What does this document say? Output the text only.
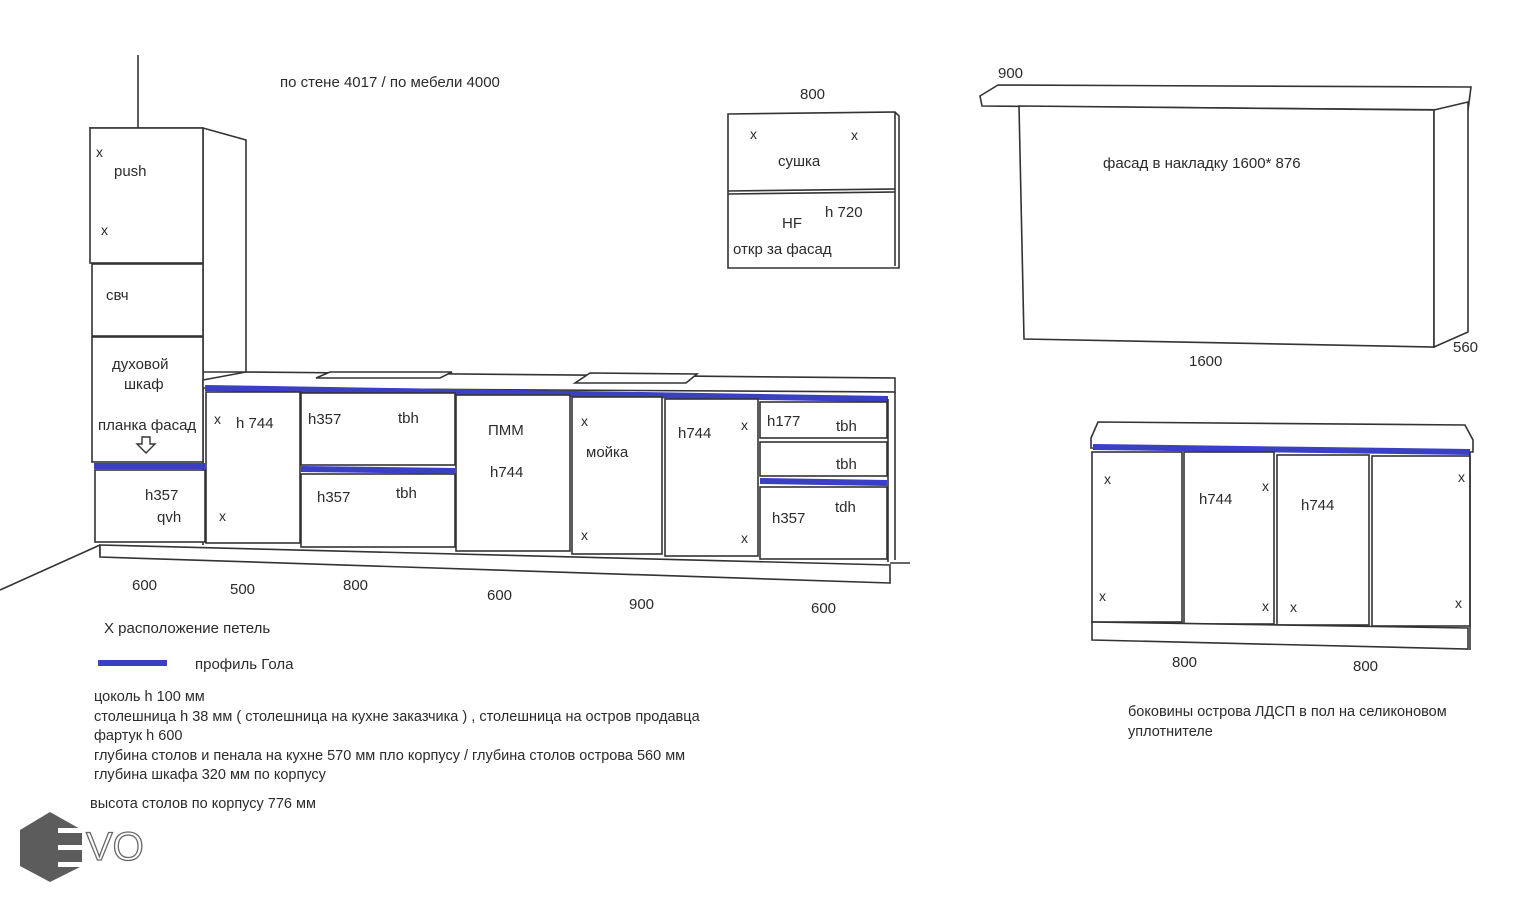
по стене 4017 / по мебели 4000
x
push
x
свч
духовой
шкаф
планка фасад
h357
qvh
x h 744
x
h357	tbh
h357	tbh
ПММ
h744
x
мойка
x
h744 x
x
h177 tbh
tbh
h357
tdh
600	500	800
600
900	600
800
x	x
сушка
HF
h 720
откр за фасад
900
фасад в накладку 1600* 876
1600
560
x
x
h744
x
x
h744
x
x
x
800	800
X расположение петель
профиль Гола
VO
цоколь h 100 мм
столешница h 38 мм ( столешница на кухне заказчика ) , столешница на остров продавца
фартук h 600
глубина столов и пенала на кухне 570 мм пло корпусу / глубина столов острова 560 мм
глубина шкафа 320 мм по корпусу
высота столов по корпусу 776 мм
боковины острова ЛДСП в пол на селиконовом
уплотнителе
